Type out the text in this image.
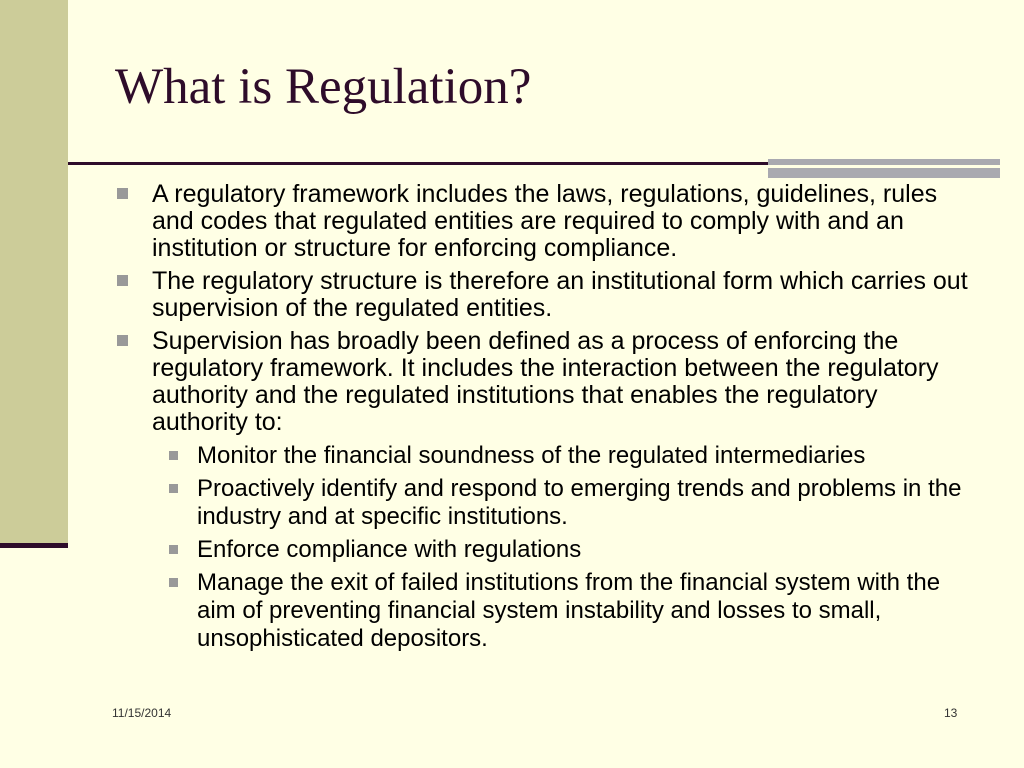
What is Regulation?
A regulatory framework includes the laws, regulations, guidelines, rules and codes that regulated entities are required to comply with and an institution or structure for enforcing compliance.
The regulatory structure is therefore an institutional form which carries out supervision of the regulated entities.
Supervision has broadly been defined as a process of enforcing the regulatory framework. It includes the interaction between the regulatory authority and the regulated institutions that enables the regulatory authority to:
Monitor the financial soundness of the regulated intermediaries
Proactively identify and respond to emerging trends and problems in the industry and at specific institutions.
Enforce compliance with regulations
Manage the exit of failed institutions from the financial system with the aim of preventing financial system instability and losses to small, unsophisticated depositors.
11/15/2014	13
